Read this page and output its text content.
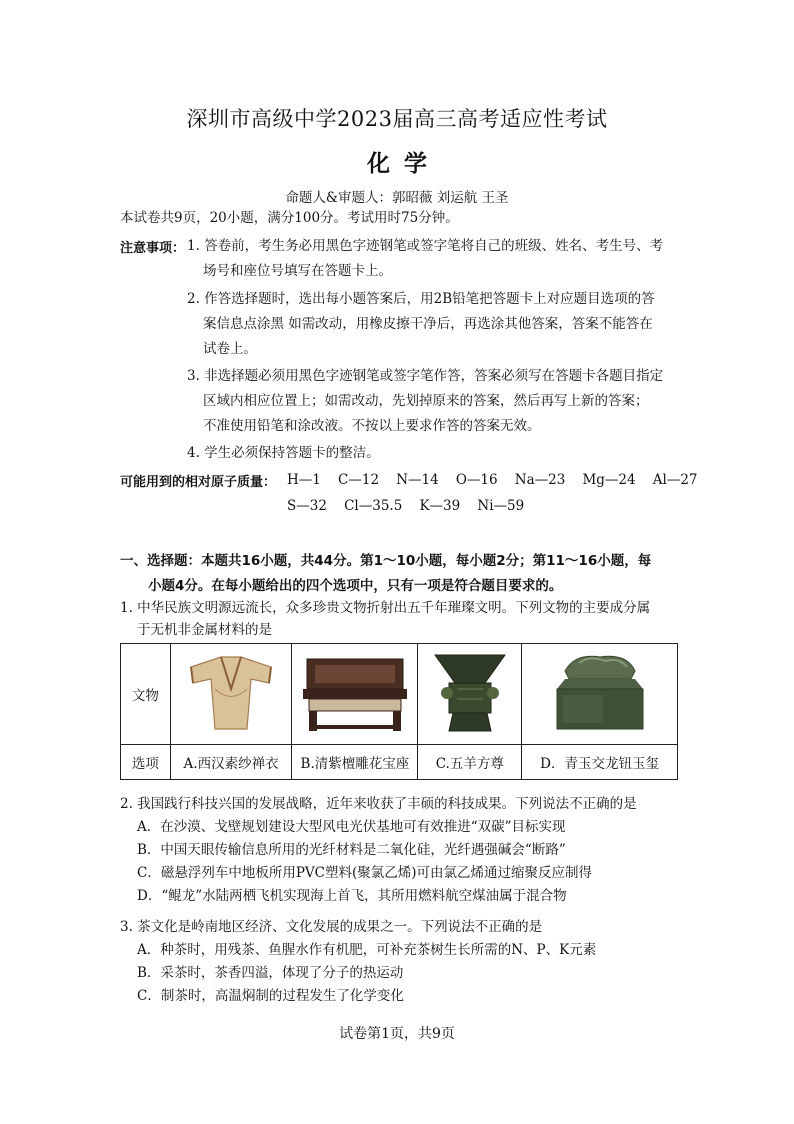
深圳市高级中学2023届高三高考适应性考试
化学
命题人&审题人：郭昭薇 刘运航 王圣
本试卷共9页，20小题，满分100分。考试用时75分钟。
注意事项： 1. 答卷前，考生务必用黑色字迹钢笔或签字笔将自己的班级、姓名、考生号、考
场号和座位号填写在答题卡上。
2. 作答选择题时，选出每小题答案后，用2B铅笔把答题卡上对应题目选项的答
案信息点涂黑 如需改动，用橡皮擦干净后，再选涂其他答案，答案不能答在
试卷上。
3. 非选择题必须用黑色字迹钢笔或签字笔作答，答案必须写在答题卡各题目指定
区域内相应位置上；如需改动，先划掉原来的答案，然后再写上新的答案；
不准使用铅笔和涂改液。不按以上要求作答的答案无效。
4. 学生必须保持答题卡的整洁。
可能用到的相对原子质量： H—1    C—12    N—14    O—16    Na—23    Mg—24    Al—27
S—32    Cl—35.5    K—39    Ni—59
一、选择题：本题共16小题，共44分。第1～10小题，每小题2分；第11～16小题，每
小题4分。在每小题给出的四个选项中，只有一项是符合题目要求的。
1. 中华民族文明源远流长，众多珍贵文物折射出五千年璀璨文明。下列文物的主要成分属
于无机非金属材料的是
文物				
选项	A.西汉素纱禅衣	B.清紫檀雕花宝座	C.五羊方尊	D．青玉交龙钮玉玺
2. 我国践行科技兴国的发展战略，近年来收获了丰硕的科技成果。下列说法不正确的是
A．在沙漠、戈壁规划建设大型风电光伏基地可有效推进“双碳”目标实现
B．中国天眼传输信息所用的光纤材料是二氧化硅，光纤遇强碱会“断路”
C．磁悬浮列车中地板所用PVC塑料(聚氯乙烯)可由氯乙烯通过缩聚反应制得
D．“鲲龙”水陆两栖飞机实现海上首飞，其所用燃料航空煤油属于混合物
3. 茶文化是岭南地区经济、文化发展的成果之一。下列说法不正确的是
A．种茶时，用残茶、鱼腥水作有机肥，可补充茶树生长所需的N、P、K元素
B．采茶时，茶香四溢，体现了分子的热运动
C．制茶时，高温焖制的过程发生了化学变化
试卷第1页，共9页
